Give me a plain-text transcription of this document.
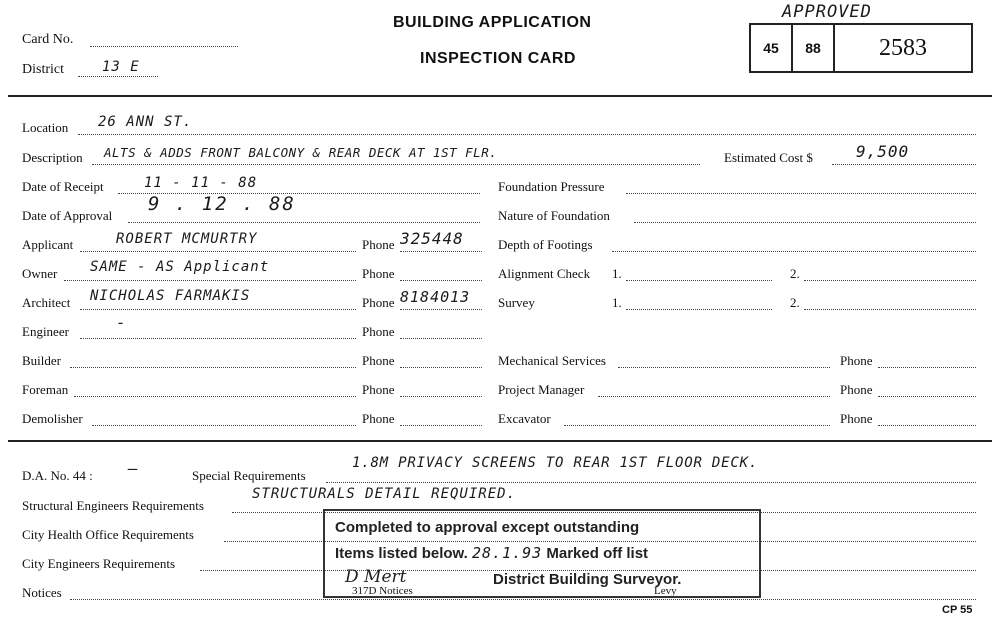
Card No.
District	13 E
BUILDING APPLICATION
INSPECTION CARD
APPROVED
45	88	2583
Location 26 ANN ST.
Description ALTS & ADDS FRONT BALCONY & REAR DECK AT 1ST FLR.	Estimated Cost $	9,500
Date of Receipt	11 - 11 - 88
Date of Approval
9 . 12 . 88
Applicant	ROBERT MCMURTRY	Phone 325448
Owner SAME - AS Applicant	Phone
Architect NICHOLAS FARMAKIS	Phone 8184013
Engineer	-	Phone
Builder	Phone
Foreman	Phone
Demolisher	Phone
Foundation Pressure
Nature of Foundation
Depth of Footings
Alignment Check 1.	2.
Survey	1.	2.
Mechanical Services	Phone
Project Manager	Phone
Excavator	Phone
D.A. No. 44 : —	Special Requirements
1.8M PRIVACY SCREENS TO REAR 1ST FLOOR DECK.
Structural Engineers Requirements
STRUCTURALS DETAIL REQUIRED.
City Health Office Requirements
City Engineers Requirements
Notices	317D Notices	Levy
Completed to approval except outstanding
Items listed below. 28.1.93 Marked off list
D Mert	District Building Surveyor.
CP 55
